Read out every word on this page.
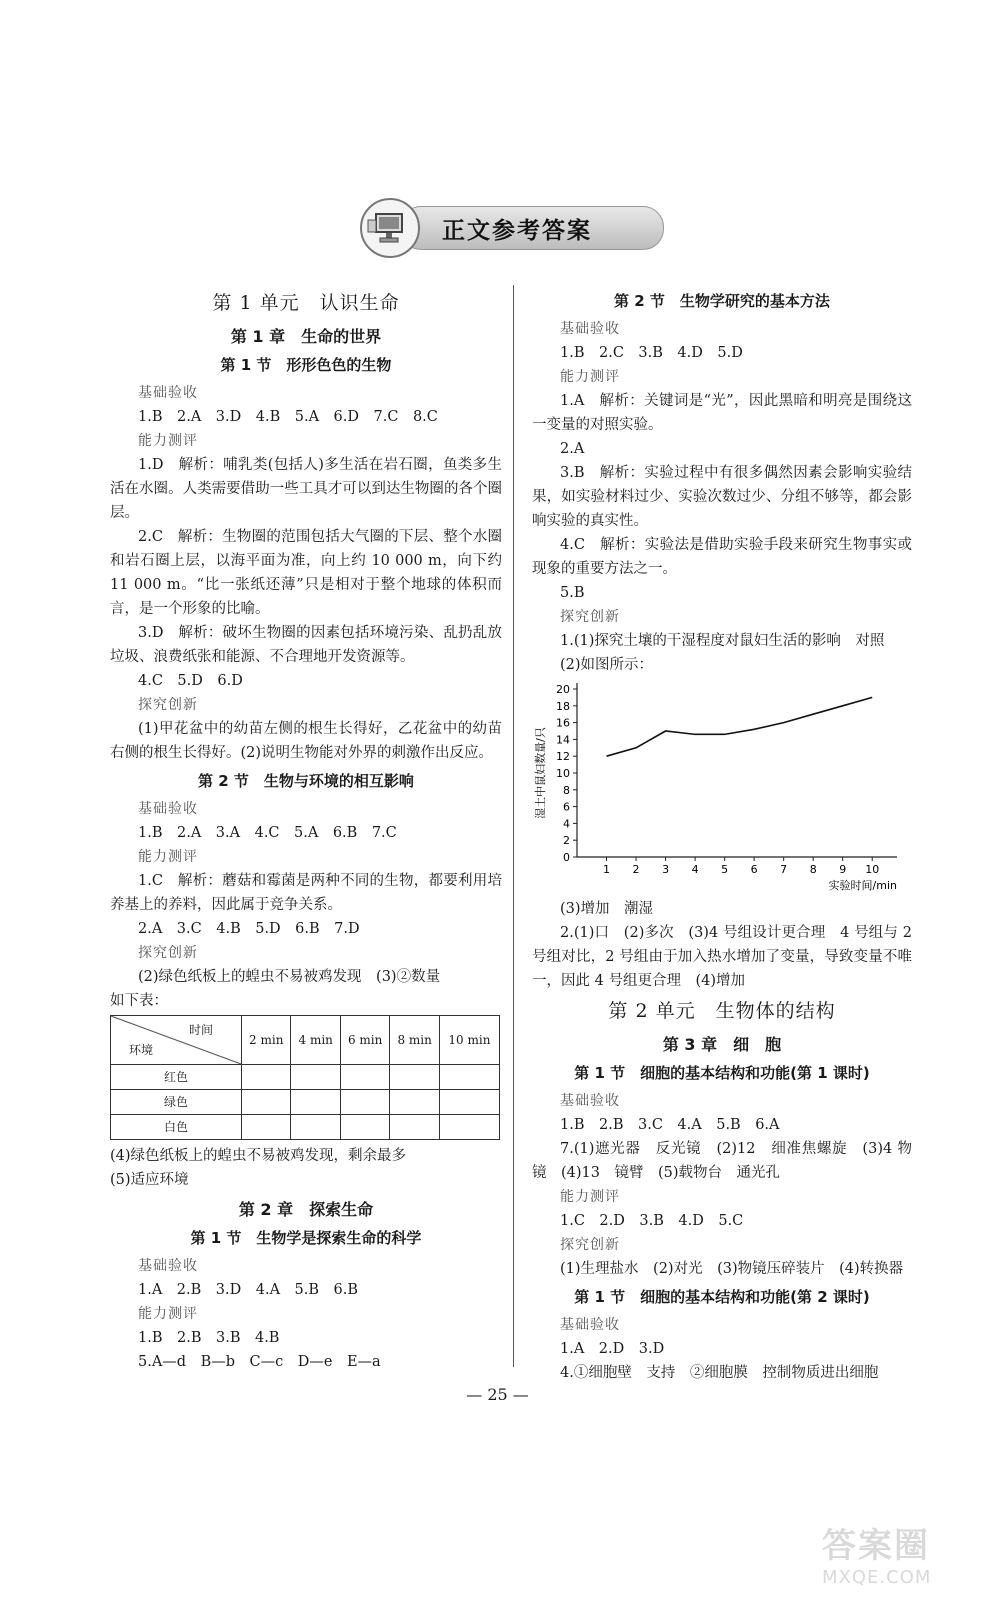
正文参考答案
第 1 单元　认识生命
第 1 章　生命的世界
第 1 节　形形色色的生物
基础验收
1.B　2.A　3.D　4.B　5.A　6.D　7.C　8.C
能力测评
1.D　解析：哺乳类(包括人)多生活在岩石圈，鱼类多生活在水圈。人类需要借助一些工具才可以到达生物圈的各个圈层。
2.C　解析：生物圈的范围包括大气圈的下层、整个水圈和岩石圈上层，以海平面为准，向上约 10 000 m，向下约 11 000 m。“比一张纸还薄”只是相对于整个地球的体积而言，是一个形象的比喻。
3.D　解析：破坏生物圈的因素包括环境污染、乱扔乱放垃圾、浪费纸张和能源、不合理地开发资源等。
4.C　5.D　6.D
探究创新
(1)甲花盆中的幼苗左侧的根生长得好，乙花盆中的幼苗右侧的根生长得好。(2)说明生物能对外界的刺激作出反应。
第 2 节　生物与环境的相互影响
基础验收
1.B　2.A　3.A　4.C　5.A　6.B　7.C
能力测评
1.C　解析：蘑菇和霉菌是两种不同的生物，都要利用培养基上的养料，因此属于竞争关系。
2.A　3.C　4.B　5.D　6.B　7.D
探究创新
(2)绿色纸板上的蝗虫不易被鸡发现　(3)②数量
如下表：
时间
环境	2 min	4 min	6 min	8 min	10 min
红色					
绿色					
白色					
(4)绿色纸板上的蝗虫不易被鸡发现，剩余最多
(5)适应环境
第 2 章　探索生命
第 1 节　生物学是探索生命的科学
基础验收
1.A　2.B　3.D　4.A　5.B　6.B
能力测评
1.B　2.B　3.B　4.B
5.A—d　B—b　C—c　D—e　E—a
第 2 节　生物学研究的基本方法
基础验收
1.B　2.C　3.B　4.D　5.D
能力测评
1.A　解析：关键词是“光”，因此黑暗和明亮是围绕这一变量的对照实验。
2.A
3.B　解析：实验过程中有很多偶然因素会影响实验结果，如实验材料过少、实验次数过少、分组不够等，都会影响实验的真实性。
4.C　解析：实验法是借助实验手段来研究生物事实或现象的重要方法之一。
5.B
探究创新
1.(1)探究土壤的干湿程度对鼠妇生活的影响　对照
(2)如图所示：
0
2
4
6
8
10
12
14
16
18
20
1 2 3 4 5 6 7 8 9 10
实验时间/min
湿土中鼠妇数量/只
(3)增加　潮湿
2.(1)口　(2)多次　(3)4 号组设计更合理　4 号组与 2 号组对比，2 号组由于加入热水增加了变量，导致变量不唯一，因此 4 号组更合理　(4)增加
第 2 单元　生物体的结构
第 3 章　细　胞
第 1 节　细胞的基本结构和功能(第 1 课时)
基础验收
1.B　2.B　3.C　4.A　5.B　6.A
7.(1)遮光器　反光镜　(2)12　细准焦螺旋　(3)4 物镜　(4)13　镜臂　(5)载物台　通光孔
能力测评
1.C　2.D　3.B　4.D　5.C
探究创新
(1)生理盐水　(2)对光　(3)物镜压碎装片　(4)转换器
第 1 节　细胞的基本结构和功能(第 2 课时)
基础验收
1.A　2.D　3.D
4.①细胞壁　支持　②细胞膜　控制物质进出细胞
— 25 —
答案圈
MXQE.COM
